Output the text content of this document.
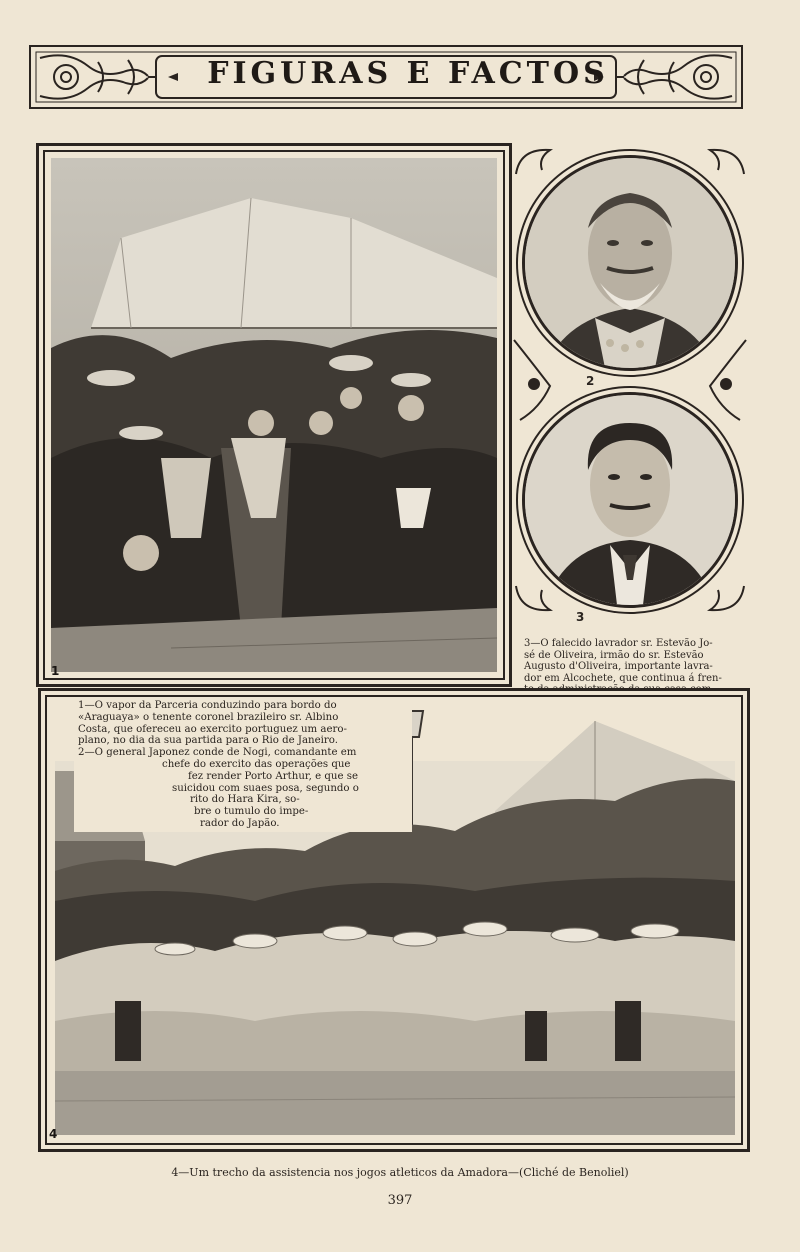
FIGURAS E FACTOS
1
2
3
3—O falecido lavrador sr. Estevão Jo-
sé de Oliveira, irmão do sr. Estevão
Augusto d'Oliveira, importante lavra-
dor em Alcochete, que continua á fren-
4
1—O vapor da Parceria conduzindo para bordo do
«Araguaya» o tenente coronel brazileiro sr. Albino
Costa, que ofereceu ao exercito portuguez um aero-
plano, no dia da sua partida para o Rio de Janeiro.
2—O general Japonez conde de Nogi, comandante em
chefe do exercito das operações que
fez render Porto Arthur, e que se
suicidou com suaes posa, segundo o
rito do Hara Kira, so-
bre o tumulo do impe-
rador do Japão.
4—Um trecho da assistencia nos jogos atleticos da Amadora—(Cliché de Benoliel)
397
